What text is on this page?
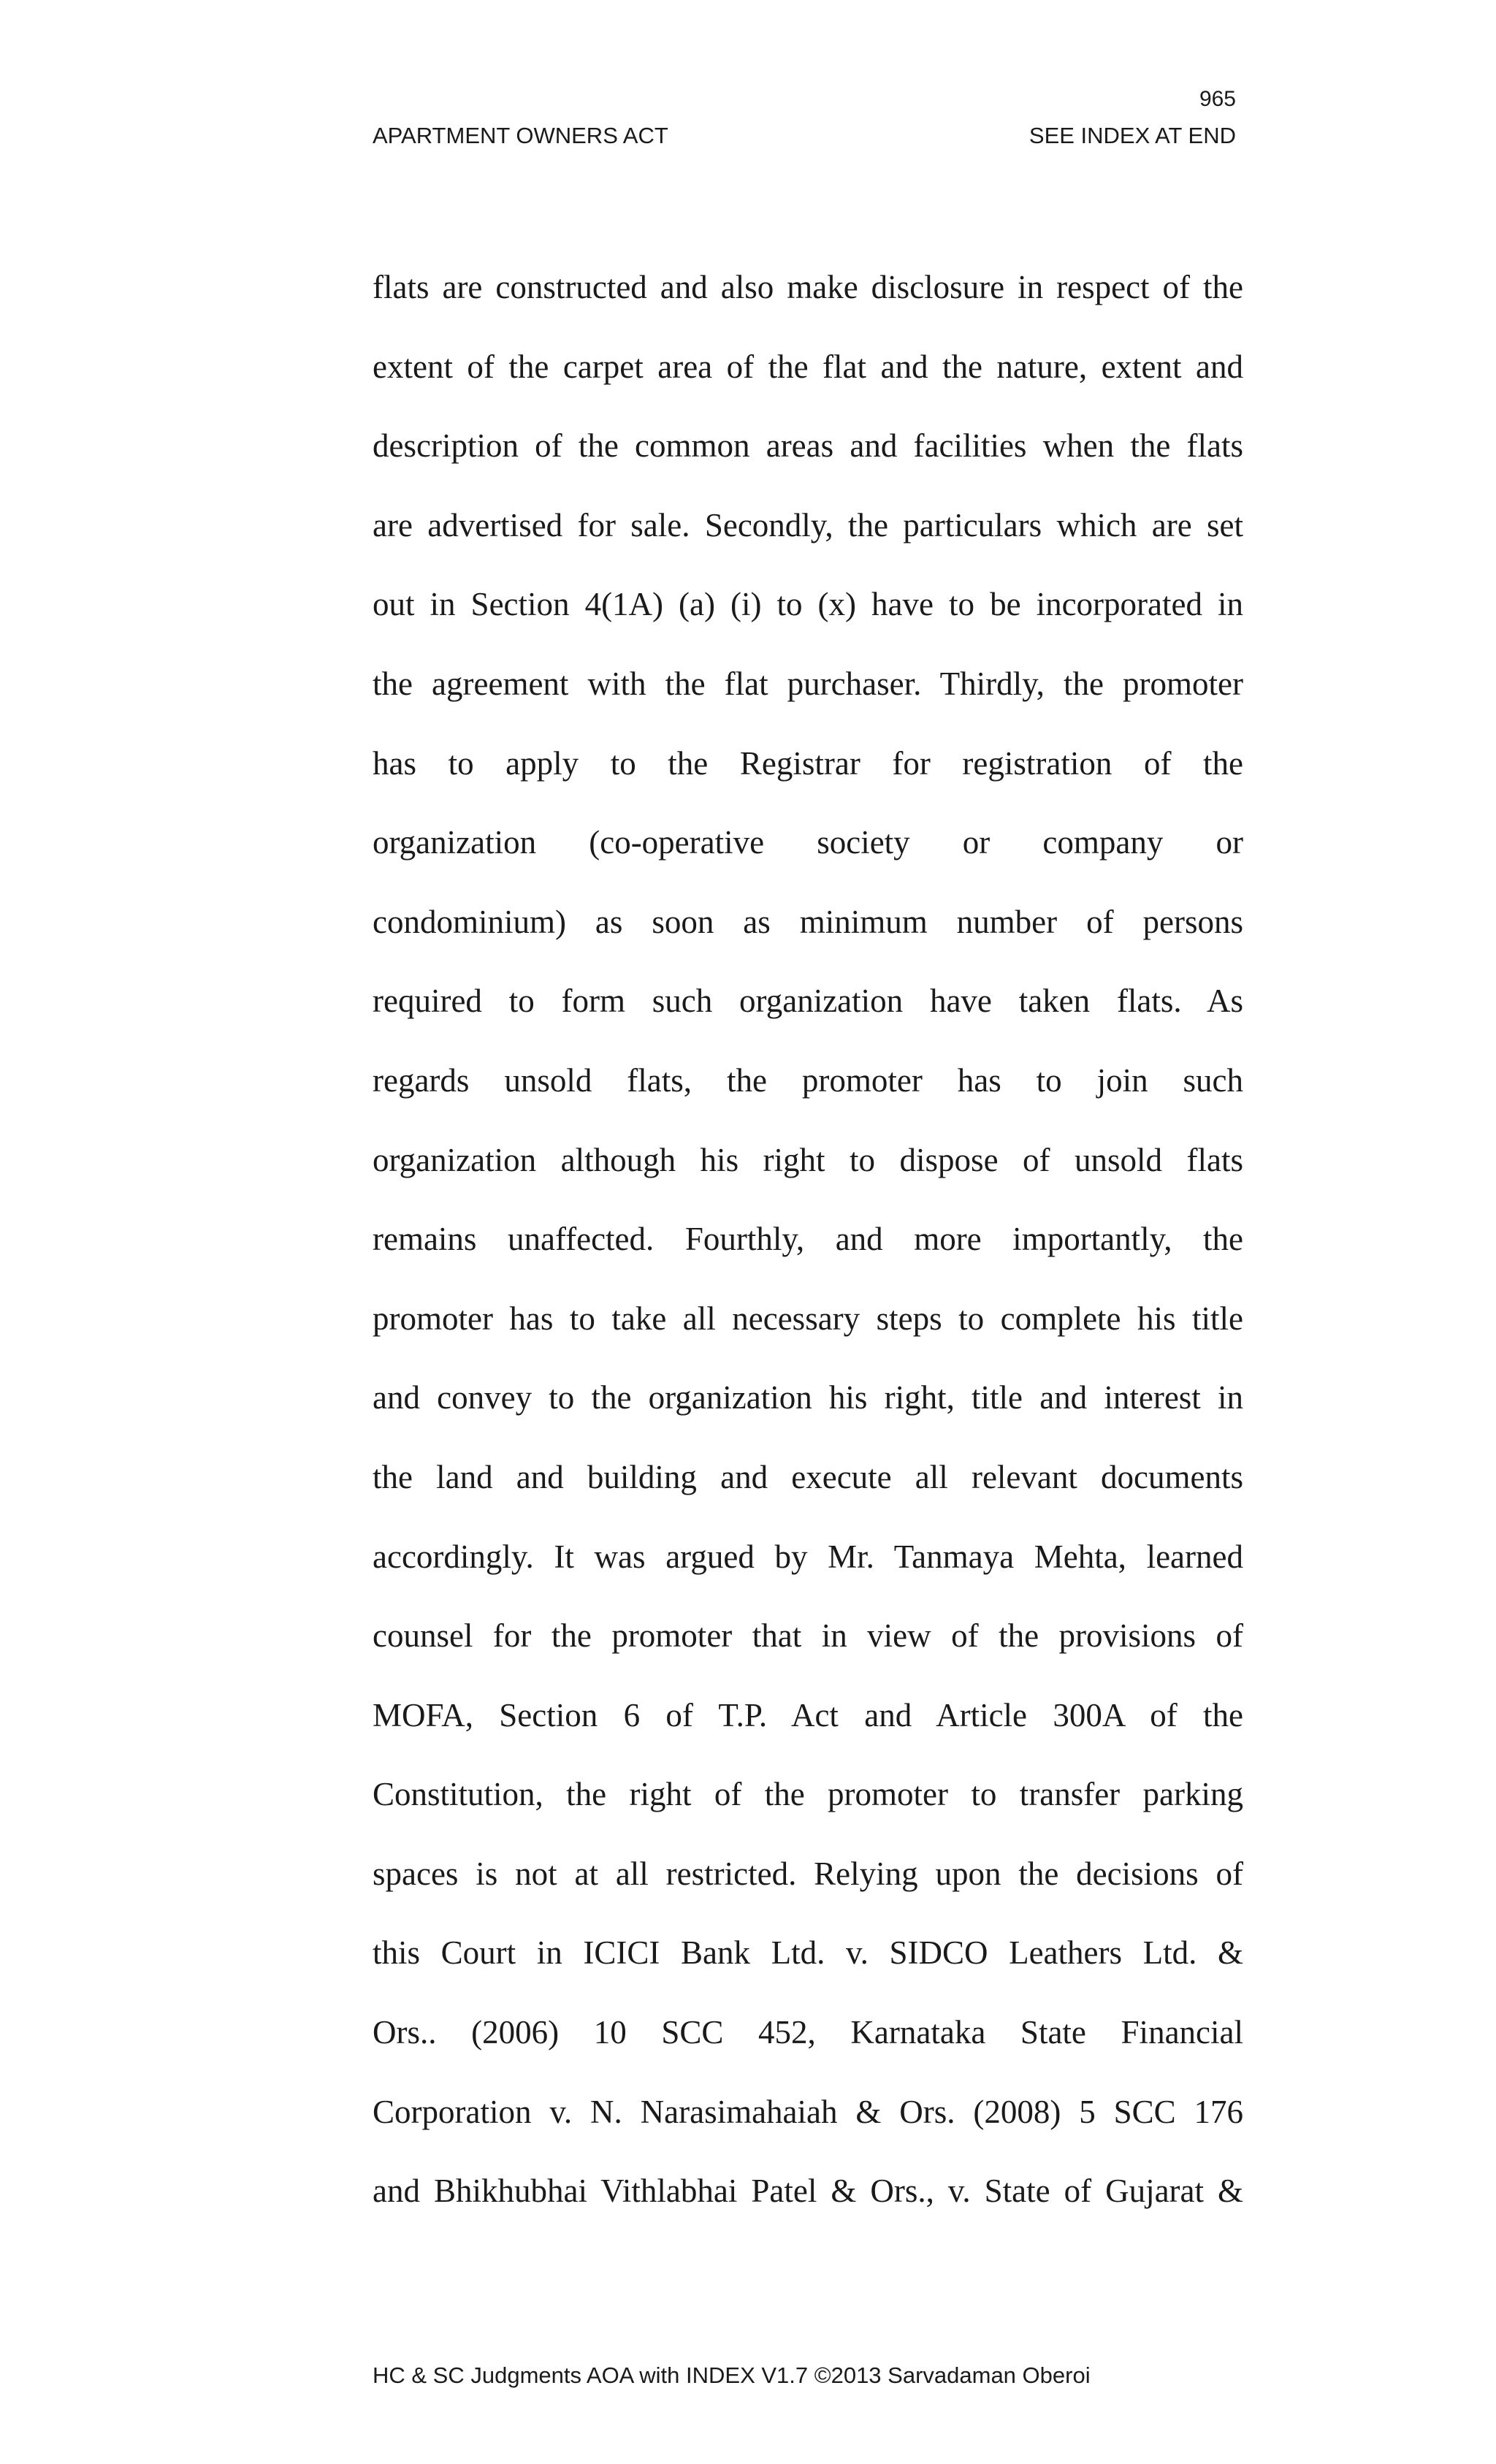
965
APARTMENT OWNERS ACT	SEE INDEX AT END
flats are constructed and also make disclosure in respect of the
extent of the carpet area of the flat and the nature, extent and
description of the common areas and facilities when the flats
are advertised for sale. Secondly, the particulars which are set
out in Section 4(1A) (a) (i) to (x) have to be incorporated in
the agreement with the flat purchaser. Thirdly, the promoter
has to apply to the Registrar for registration of the
organization (co-operative society or company or
condominium) as soon as minimum number of persons
required to form such organization have taken flats. As
regards unsold flats, the promoter has to join such
organization although his right to dispose of unsold flats
remains unaffected. Fourthly, and more importantly, the
promoter has to take all necessary steps to complete his title
and convey to the organization his right, title and interest in
the land and building and execute all relevant documents
accordingly. It was argued by Mr. Tanmaya Mehta, learned
counsel for the promoter that in view of the provisions of
MOFA, Section 6 of T.P. Act and Article 300A of the
Constitution, the right of the promoter to transfer parking
spaces is not at all restricted. Relying upon the decisions of
this Court in ICICI Bank Ltd. v. SIDCO Leathers Ltd. &
Ors.. (2006) 10 SCC 452, Karnataka State Financial
Corporation v. N. Narasimahaiah & Ors. (2008) 5 SCC 176
and Bhikhubhai Vithlabhai Patel & Ors., v. State of Gujarat &
HC & SC Judgments AOA with INDEX V1.7 ©2013 Sarvadaman Oberoi
